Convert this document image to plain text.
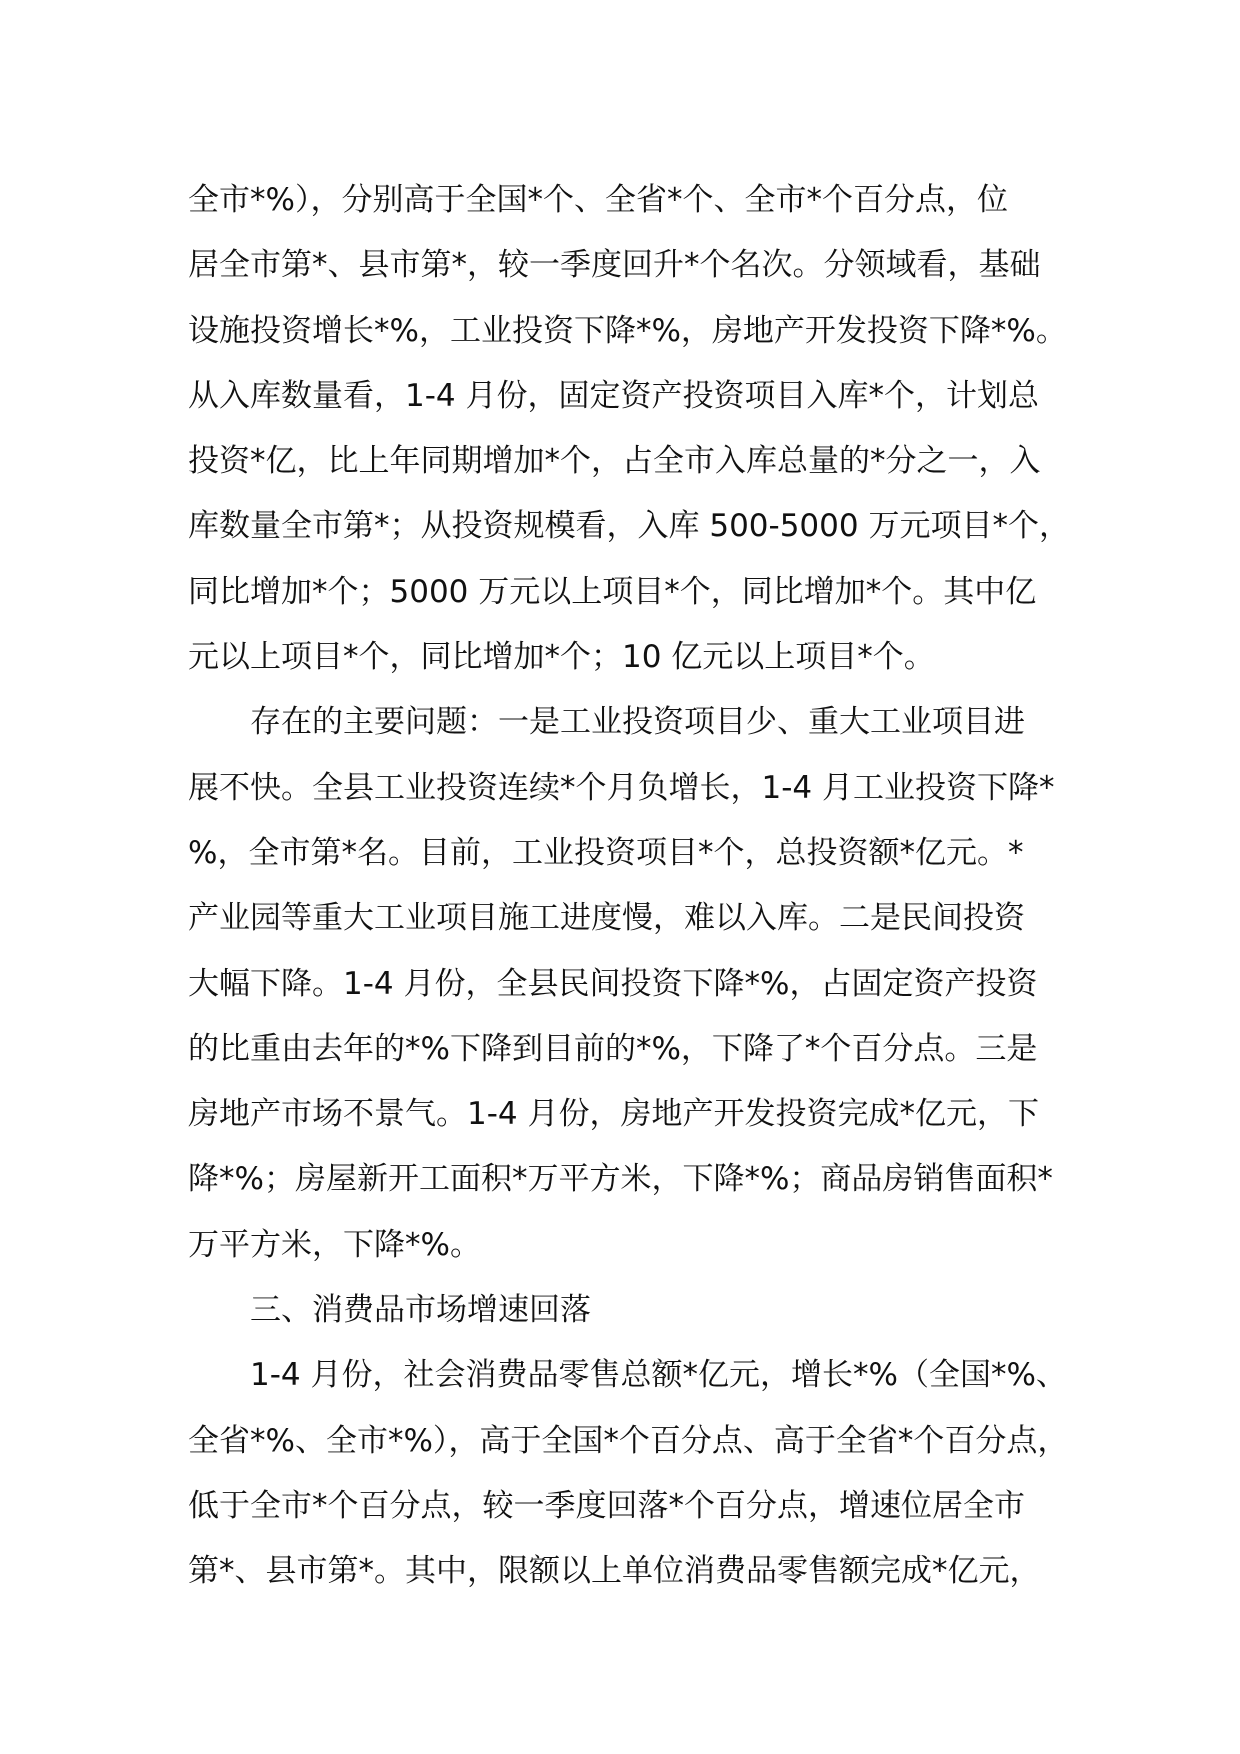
全市*%），分别高于全国*个、全省*个、全市*个百分点，位
居全市第*、县市第*，较一季度回升*个名次。分领域看，基础
设施投资增长*%，工业投资下降*%，房地产开发投资下降*%。
从入库数量看，1-4 月份，固定资产投资项目入库*个，计划总
投资*亿，比上年同期增加*个，占全市入库总量的*分之一，入
库数量全市第*；从投资规模看，入库 500-5000 万元项目*个，
同比增加*个；5000 万元以上项目*个，同比增加*个。其中亿
元以上项目*个，同比增加*个；10 亿元以上项目*个。
存在的主要问题：一是工业投资项目少、重大工业项目进
展不快。全县工业投资连续*个月负增长，1-4 月工业投资下降*
%，全市第*名。目前，工业投资项目*个，总投资额*亿元。*
产业园等重大工业项目施工进度慢，难以入库。二是民间投资
大幅下降。1-4 月份，全县民间投资下降*%，占固定资产投资
的比重由去年的*%下降到目前的*%，下降了*个百分点。三是
房地产市场不景气。1-4 月份，房地产开发投资完成*亿元，下
降*%；房屋新开工面积*万平方米，下降*%；商品房销售面积*
万平方米，下降*%。
三、消费品市场增速回落
1-4 月份，社会消费品零售总额*亿元，增长*%（全国*%、
全省*%、全市*%），高于全国*个百分点、高于全省*个百分点，
低于全市*个百分点，较一季度回落*个百分点，增速位居全市
第*、县市第*。其中，限额以上单位消费品零售额完成*亿元，
